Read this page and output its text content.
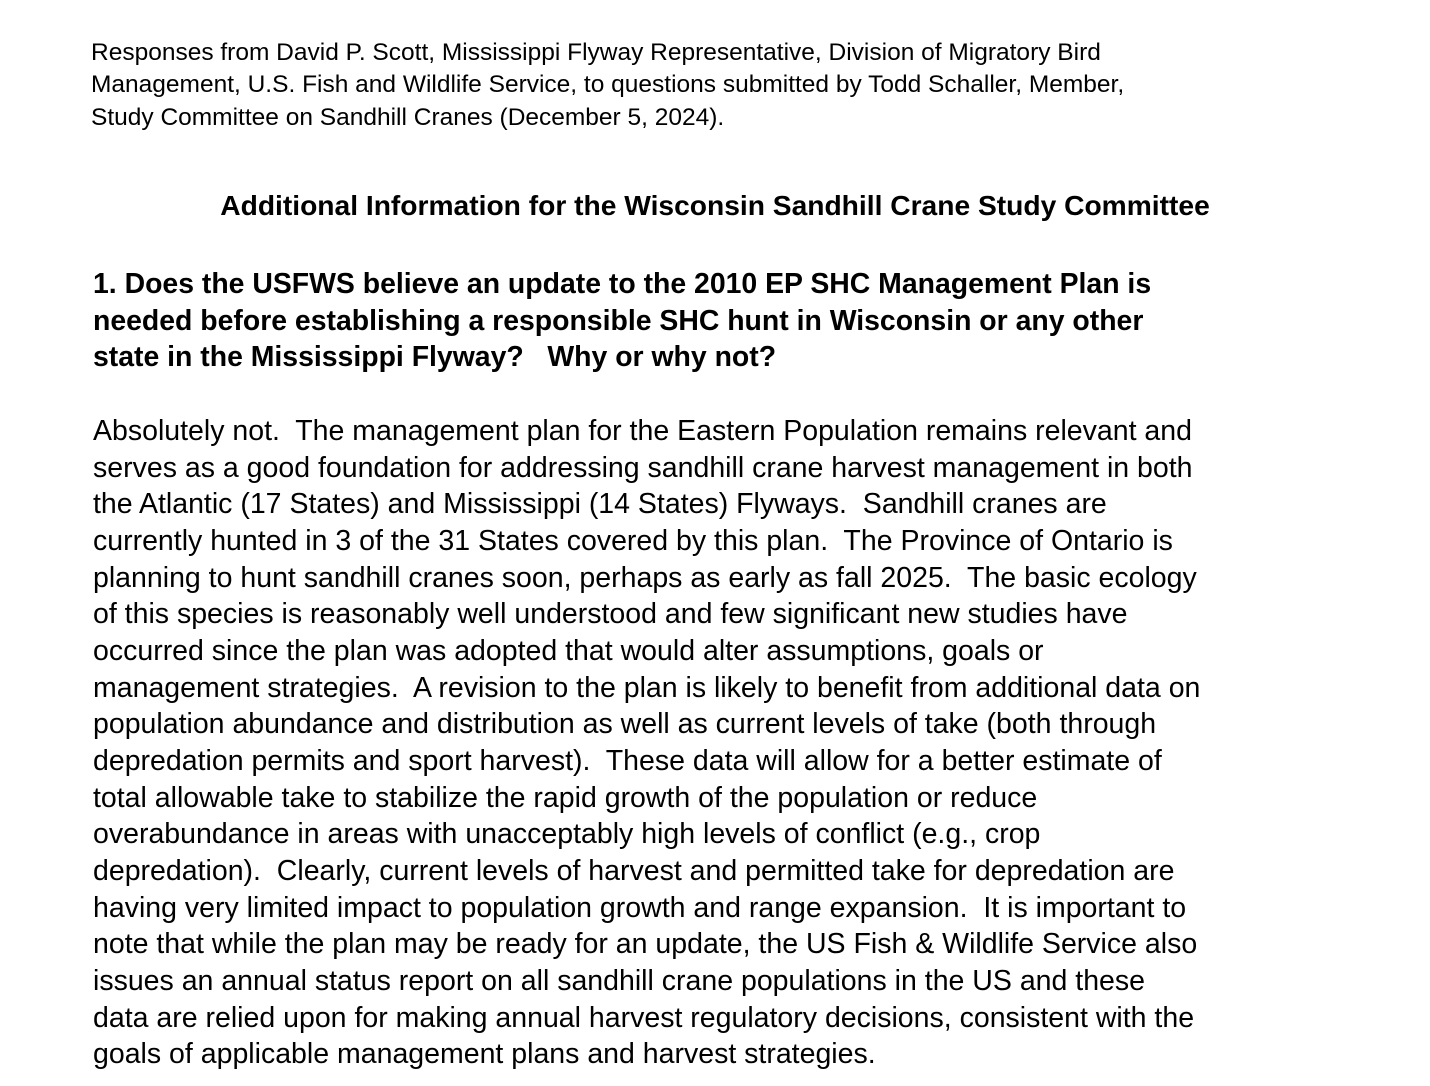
Responses from David P. Scott, Mississippi Flyway Representative, Division of Migratory Bird
Management, U.S. Fish and Wildlife Service, to questions submitted by Todd Schaller, Member,
Study Committee on Sandhill Cranes (December 5, 2024).
Additional Information for the Wisconsin Sandhill Crane Study Committee
1. Does the USFWS believe an update to the 2010 EP SHC Management Plan is
needed before establishing a responsible SHC hunt in Wisconsin or any other
state in the Mississippi Flyway?   Why or why not?
Absolutely not.  The management plan for the Eastern Population remains relevant and
serves as a good foundation for addressing sandhill crane harvest management in both
the Atlantic (17 States) and Mississippi (14 States) Flyways.  Sandhill cranes are
currently hunted in 3 of the 31 States covered by this plan.  The Province of Ontario is
planning to hunt sandhill cranes soon, perhaps as early as fall 2025.  The basic ecology
of this species is reasonably well understood and few significant new studies have
occurred since the plan was adopted that would alter assumptions, goals or
management strategies.  A revision to the plan is likely to benefit from additional data on
population abundance and distribution as well as current levels of take (both through
depredation permits and sport harvest).  These data will allow for a better estimate of
total allowable take to stabilize the rapid growth of the population or reduce
overabundance in areas with unacceptably high levels of conflict (e.g., crop
depredation).  Clearly, current levels of harvest and permitted take for depredation are
having very limited impact to population growth and range expansion.  It is important to
note that while the plan may be ready for an update, the US Fish & Wildlife Service also
issues an annual status report on all sandhill crane populations in the US and these
data are relied upon for making annual harvest regulatory decisions, consistent with the
goals of applicable management plans and harvest strategies.
